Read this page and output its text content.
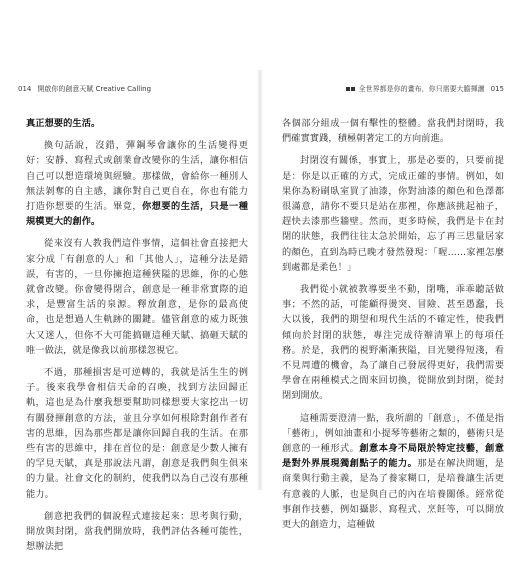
014 開啟你的創意天賦 Creative Calling	全世界都是你的畫布，你只需要大膽揮灑 015

真正想要的生活。

換句話說，沒錯，彈鋼琴會讓你的生活變得更好：安靜、寫程式或創業會改變你的生活，讓你相信自己可以想造環境與經驗。那樣做，會給你一種別人無法剝奪的自主感，讓你對自己更自在，你也有能力打造你想要的生活。畢竟，你想要的生活，只是一種規模更大的創作。

從來沒有人教我們這件事情，這個社會直接把大家分成「有創意的人」和「其他人」，這種分法是錯誤，有害的，一旦你擁抱這種狹隘的思維，你的心態就會改變。你會變得閉合，創意是一種非常實際的追求，是豐富生活的泉源。釋放創意，是你的最高使命，也是想過人生軌跡的關鍵。儘管創意的威力既強大又迷人，但你不大可能搞砸這種天賦、搞砸天賦的唯一做法，就是像我以前那樣忽視它。

不過，那種損害是可逆轉的，我就是活生生的例子。後來我學會相信天命的召喚，找到方法回歸正軌，這也是為什麼我想要幫助同樣想要大家挖出一切有關發揮創意的方法，並且分享如何根除對創作者有害的思維，因為那些都是讓你回歸自我的生活。在那些有害的思維中，排在首位的是：創意是少數人擁有的罕見天賦，真是那說法凡謂，創意是我們與生俱來的力量。社會文化的制約，使我們以為自己沒有那種能力。

創意把我們的個說程式連接起來：思考與行動，開放與封閉，當我們開放時，我們評估各種可能性，想辦法把

各個部分組成一個有擊性的整體。當我們封閉時，我們確實實踐，積極朝著定工的方向前進。

封閉沒有關係，事實上，那是必要的，只要前提是：你是以正確的方式，完成正確的事情。例如，如果你為粉刷臥室買了油漆，你對油漆的顏色和色澤都很滿意，請你不要只是站在那裡，你應該挑起袖子，趕快去漆那些牆壁。然而，更多時候，我們是卡在封閉的狀態，我們往往太急於開始，忘了再三思量居家的顏色，直到為時已晚才發然發現：「喔……家裡怎麼到處都是柔色！」

我們從小就被教導要坐不動，閉嘴，乖乖聽話做事；不然的話，可能顧得燙突、冒險、甚至愚蠢，長大以後，我們的期望和現代生活的不確定性，使我們傾向於封閉的狀態，專注完成待辦清單上的每項任務。於是，我們的視野漸漸狹隘，目光變得短淺，看不見周遭的機會，為了讓自己發展得更好，我們需要學會在兩種模式之間來回切換，從開放到封閉，從封閉到開放。

這種需要澄清一點，我所謂的「創意」，不僅是指「藝術」，例如油畫和小提琴等藝術之類的，藝術只是創意的一種形式。創意本身不局限於特定技藝，創意是對外界展現獨創點子的能力。那是在解決問題，是商業與行動主義，是為了養家糊口，是培養讓生活更有意義的人脈，也是與自己的內在培養關係。經常從事創作技藝，例如攝影、寫程式、烹飪等，可以開放更大的創造力，這種做
